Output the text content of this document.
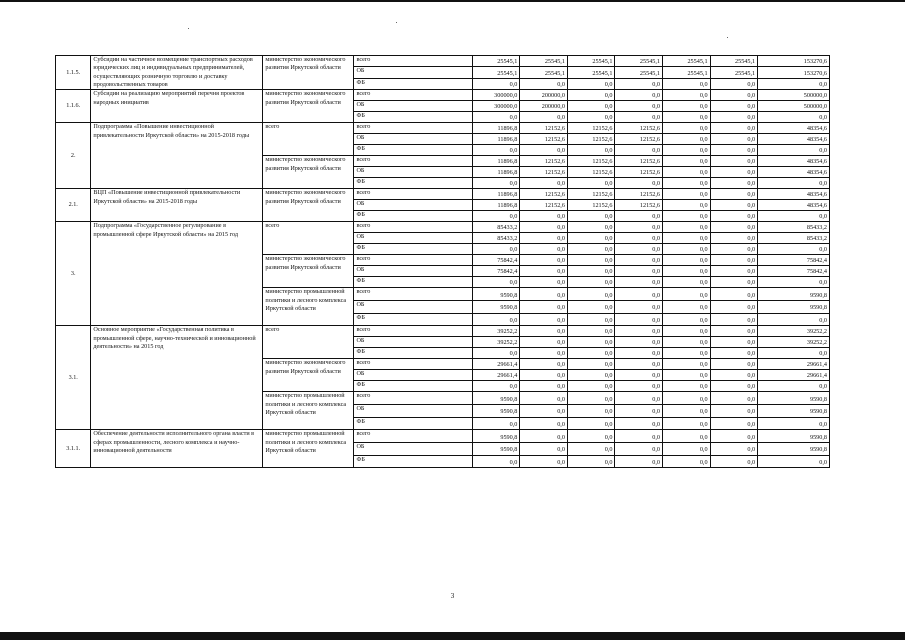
1.1.5.	Субсидии на частичное возмещение транспортных расходов юридических лиц и индивидуальных предпринимателей, осуществляющих розничную торговлю и доставку продовольственных товаров	министерство экономического развития Иркутской области	всего	25545,1	25545,1	25545,1	25545,1	25545,1	25545,1	153270,6
			ОБ	25545,1	25545,1	25545,1	25545,1	25545,1	25545,1	153270,6
			ФБ	0,0	0,0	0,0	0,0	0,0	0,0	0,0
1.1.6.	Субсидии на реализацию мероприятий перечня проектов народных инициатив	министерство экономического развития Иркутской области	всего	300000,0	200000,0	0,0	0,0	0,0	0,0	500000,0
			ОБ	300000,0	200000,0	0,0	0,0	0,0	0,0	500000,0
			ФБ	0,0	0,0	0,0	0,0	0,0	0,0	0,0
2.	Подпрограмма «Повышение инвестиционной привлекательности Иркутской области» на 2015-2018 годы	всего	всего	11896,8	12152,6	12152,6	12152,6	0,0	0,0	48354,6
			ОБ	11896,8	12152,6	12152,6	12152,6	0,0	0,0	48354,6
			ФБ	0,0	0,0	0,0	0,0	0,0	0,0	0,0
		министерство экономического развития Иркутской области	всего	11896,8	12152,6	12152,6	12152,6	0,0	0,0	48354,6
			ОБ	11896,8	12152,6	12152,6	12152,6	0,0	0,0	48354,6
			ФБ	0,0	0,0	0,0	0,0	0,0	0,0	0,0
2.1.	ВЦП «Повышение инвестиционной привлекательности Иркутской области» на 2015-2018 годы	министерство экономического развития Иркутской области	всего	11896,8	12152,6	12152,6	12152,6	0,0	0,0	48354,6
			ОБ	11896,8	12152,6	12152,6	12152,6	0,0	0,0	48354,6
			ФБ	0,0	0,0	0,0	0,0	0,0	0,0	0,0
3.	Подпрограмма «Государственное регулирование в промышленной сфере Иркутской области» на 2015 год	всего	всего	85433,2	0,0	0,0	0,0	0,0	0,0	85433,2
			ОБ	85433,2	0,0	0,0	0,0	0,0	0,0	85433,2
			ФБ	0,0	0,0	0,0	0,0	0,0	0,0	0,0
		министерство экономического развития Иркутской области	всего	75842,4	0,0	0,0	0,0	0,0	0,0	75842,4
			ОБ	75842,4	0,0	0,0	0,0	0,0	0,0	75842,4
			ФБ	0,0	0,0	0,0	0,0	0,0	0,0	0,0
		министерство промышленной политики и лесного комплекса Иркутской области	всего	9590,8	0,0	0,0	0,0	0,0	0,0	9590,8
			ОБ	9590,8	0,0	0,0	0,0	0,0	0,0	9590,8
			ФБ	0,0	0,0	0,0	0,0	0,0	0,0	0,0
3.1.	Основное мероприятие «Государственная политика в промышленной сфере, научно-технической и инновационной деятельности» на 2015 год	всего	всего	39252,2	0,0	0,0	0,0	0,0	0,0	39252,2
			ОБ	39252,2	0,0	0,0	0,0	0,0	0,0	39252,2
			ФБ	0,0	0,0	0,0	0,0	0,0	0,0	0,0
		министерство экономического развития Иркутской области	всего	29661,4	0,0	0,0	0,0	0,0	0,0	29661,4
			ОБ	29661,4	0,0	0,0	0,0	0,0	0,0	29661,4
			ФБ	0,0	0,0	0,0	0,0	0,0	0,0	0,0
		министерство промышленной политики и лесного комплекса Иркутской области	всего	9590,8	0,0	0,0	0,0	0,0	0,0	9590,8
			ОБ	9590,8	0,0	0,0	0,0	0,0	0,0	9590,8
			ФБ	0,0	0,0	0,0	0,0	0,0	0,0	0,0
3.1.1.	Обеспечение деятельности исполнительного органа власти в сферах промышленности, лесного комплекса и научно-инновационной деятельности	министерство промышленной политики и лесного комплекса Иркутской области	всего	9590,8	0,0	0,0	0,0	0,0	0,0	9590,8
			ОБ	9590,8	0,0	0,0	0,0	0,0	0,0	9590,8
			ФБ	0,0	0,0	0,0	0,0	0,0	0,0	0,0
3
